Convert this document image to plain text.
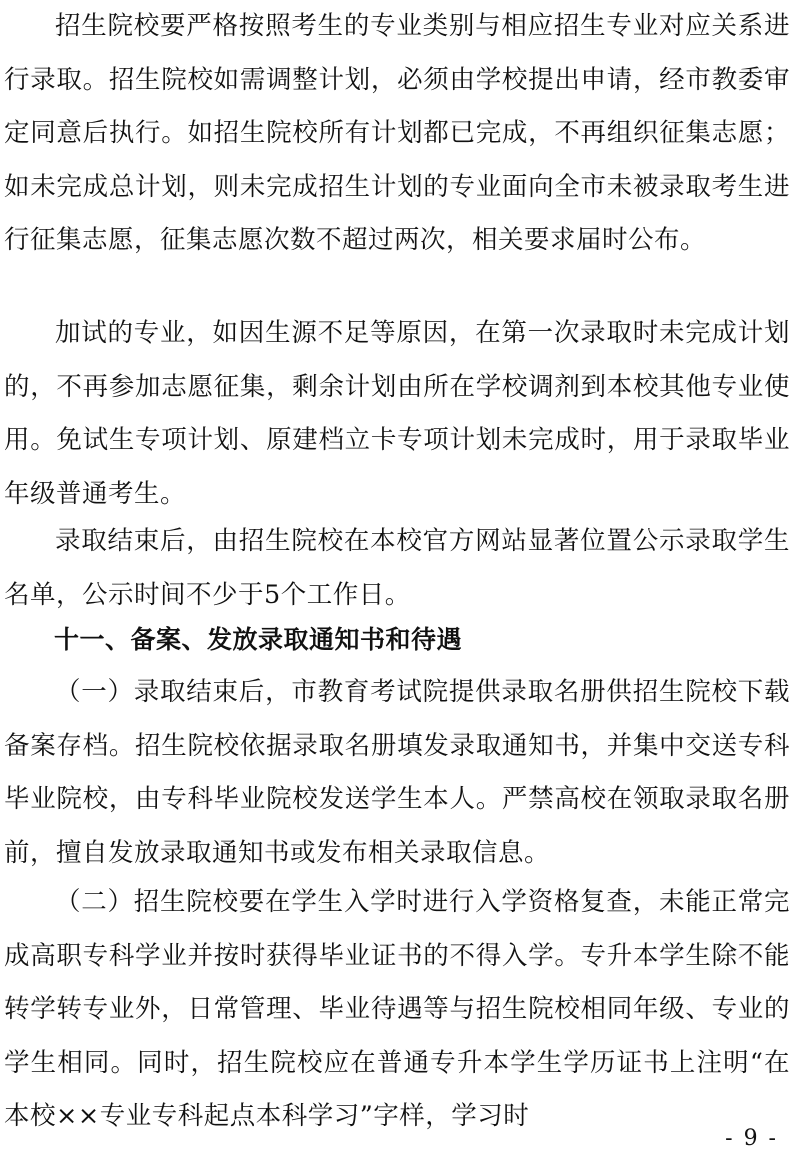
招生院校要严格按照考生的专业类别与相应招生专业对应关系进行录取。招生院校如需调整计划，必须由学校提出申请，经市教委审定同意后执行。如招生院校所有计划都已完成，不再组织征集志愿；如未完成总计划，则未完成招生计划的专业面向全市未被录取考生进行征集志愿，征集志愿次数不超过两次，相关要求届时公布。

加试的专业，如因生源不足等原因，在第一次录取时未完成计划的，不再参加志愿征集，剩余计划由所在学校调剂到本校其他专业使用。免试生专项计划、原建档立卡专项计划未完成时，用于录取毕业年级普通考生。

录取结束后，由招生院校在本校官方网站显著位置公示录取学生名单，公示时间不少于5个工作日。

十一、备案、发放录取通知书和待遇

（一）录取结束后，市教育考试院提供录取名册供招生院校下载备案存档。招生院校依据录取名册填发录取通知书，并集中交送专科毕业院校，由专科毕业院校发送学生本人。严禁高校在领取录取名册前，擅自发放录取通知书或发布相关录取信息。

（二）招生院校要在学生入学时进行入学资格复查，未能正常完成高职专科学业并按时获得毕业证书的不得入学。专升本学生除不能转学转专业外，日常管理、毕业待遇等与招生院校相同年级、专业的学生相同。同时，招生院校应在普通专升本学生学历证书上注明“在本校××专业专科起点本科学习”字样，学习时

- 9 -
